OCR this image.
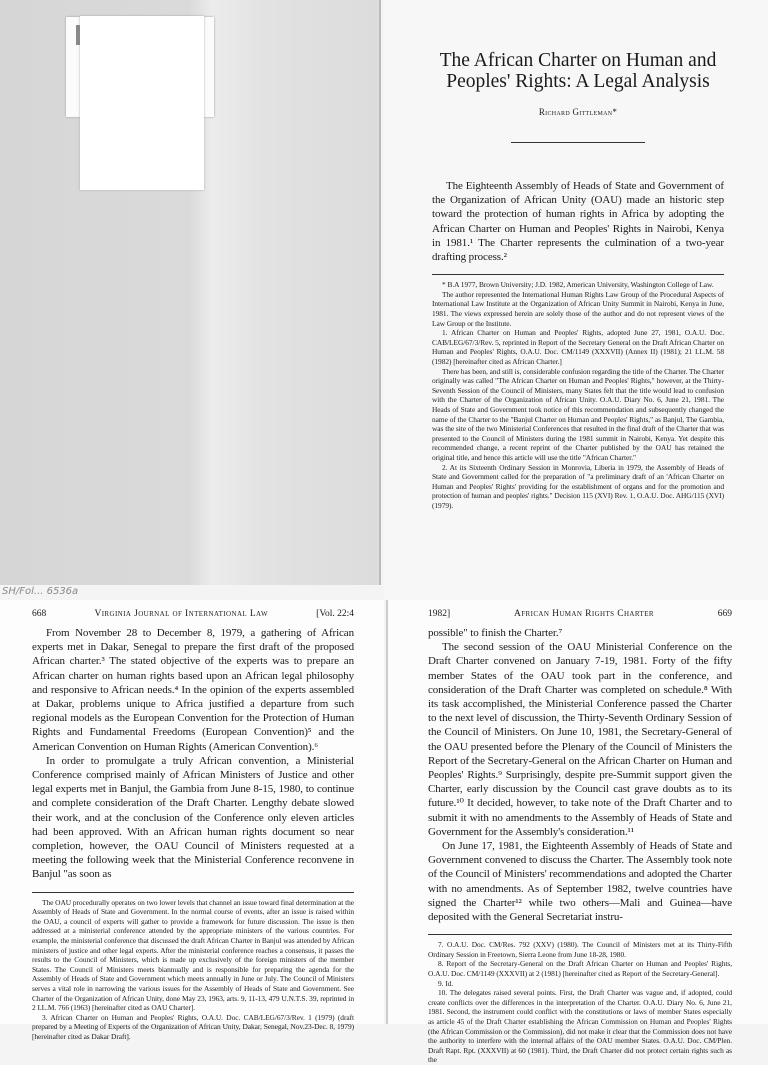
SH/Fol... 6536a
The African Charter on Human and Peoples' Rights: A Legal Analysis
Richard Gittleman*

The Eighteenth Assembly of Heads of State and Government of the Organization of African Unity (OAU) made an historic step toward the protection of human rights in Africa by adopting the African Charter on Human and Peoples' Rights in Nairobi, Kenya in 1981.¹ The Charter represents the culmination of a two-year drafting process.²

* B.A 1977, Brown University; J.D. 1982, American University, Washington College of Law.

The author represented the International Human Rights Law Group of the Procedural Aspects of International Law Institute at the Organization of African Unity Summit in Nairobi, Kenya in June, 1981. The views expressed herein are solely those of the author and do not represent views of the Law Group or the Institute.

1. African Charter on Human and Peoples' Rights, adopted June 27, 1981, O.A.U. Doc. CAB/LEG/67/3/Rev. 5, reprinted in Report of the Secretary General on the Draft African Charter on Human and Peoples' Rights, O.A.U. Doc. CM/1149 (XXXVII) (Annex II) (1981); 21 I.L.M. 58 (1982) [hereinafter cited as African Charter.]

There has been, and still is, considerable confusion regarding the title of the Charter. The Charter originally was called "The African Charter on Human and Peoples' Rights," however, at the Thirty-Seventh Session of the Council of Ministers, many States felt that the title would lead to confusion with the Charter of the Organization of African Unity. O.A.U. Diary No. 6, June 21, 1981. The Heads of State and Government took notice of this recommendation and subsequently changed the name of the Charter to the "Banjul Charter on Human and Peoples' Rights," as Banjul, The Gambia, was the site of the two Ministerial Conferences that resulted in the final draft of the Charter that was presented to the Council of Ministers during the 1981 summit in Nairobi, Kenya. Yet despite this recommended change, a recent reprint of the Charter published by the OAU has retained the original title, and hence this article will use the title "African Charter."

2. At its Sixteenth Ordinary Session in Monrovia, Liberia in 1979, the Assembly of Heads of State and Government called for the preparation of "a preliminary draft of an 'African Charter on Human and Peoples' Rights' providing for the establishment of organs and for the promotion and protection of human and peoples' rights." Decision 115 (XVI) Rev. 1, O.A.U. Doc. AHG/115 (XVI) (1979).

668	Virginia Journal of International Law	[Vol. 22:4

From November 28 to December 8, 1979, a gathering of African experts met in Dakar, Senegal to prepare the first draft of the proposed African charter.³ The stated objective of the experts was to prepare an African charter on human rights based upon an African legal philosophy and responsive to African needs.⁴ In the opinion of the experts assembled at Dakar, problems unique to Africa justified a departure from such regional models as the European Convention for the Protection of Human Rights and Fundamental Freedoms (European Convention)⁵ and the American Convention on Human Rights (American Convention).⁶

In order to promulgate a truly African convention, a Ministerial Conference comprised mainly of African Ministers of Justice and other legal experts met in Banjul, the Gambia from June 8-15, 1980, to continue and complete consideration of the Draft Charter. Lengthy debate slowed their work, and at the conclusion of the Conference only eleven articles had been approved. With an African human rights document so near completion, however, the OAU Council of Ministers requested at a meeting the following week that the Ministerial Conference reconvene in Banjul "as soon as

The OAU procedurally operates on two lower levels that channel an issue toward final determination at the Assembly of Heads of State and Government. In the normal course of events, after an issue is raised within the OAU, a council of experts will gather to provide a framework for future discussion. The issue is then addressed at a ministerial conference attended by the appropriate ministers of the various countries. For example, the ministerial conference that discussed the draft African Charter in Banjul was attended by African ministers of justice and other legal experts. After the ministerial conference reaches a consensus, it passes the results to the Council of Ministers, which is made up exclusively of the foreign ministers of the member States. The Council of Ministers meets biannually and is responsible for preparing the agenda for the Assembly of Heads of State and Government which meets annually in June or July. The Council of Ministers serves a vital role in narrowing the various issues for the Assembly of Heads of State and Government. See Charter of the Organization of African Unity, done May 23, 1963, arts. 9, 11-13, 479 U.N.T.S. 39, reprinted in 2 I.L.M. 766 (1963) [hereinafter cited as OAU Charter].

3. African Charter on Human and Peoples' Rights, O.A.U. Doc. CAB/LEG/67/3/Rev. 1 (1979) (draft prepared by a Meeting of Experts of the Organization of African Unity, Dakar, Senegal, Nov.23-Dec. 8, 1979) [hereinafter cited as Dakar Draft].

1982]	African Human Rights Charter	669

possible" to finish the Charter.⁷

The second session of the OAU Ministerial Conference on the Draft Charter convened on January 7-19, 1981. Forty of the fifty member States of the OAU took part in the conference, and consideration of the Draft Charter was completed on schedule.⁸ With its task accomplished, the Ministerial Conference passed the Charter to the next level of discussion, the Thirty-Seventh Ordinary Session of the Council of Ministers. On June 10, 1981, the Secretary-General of the OAU presented before the Plenary of the Council of Ministers the Report of the Secretary-General on the African Charter on Human and Peoples' Rights.⁹ Surprisingly, despite pre-Summit support given the Charter, early discussion by the Council cast grave doubts as to its future.¹⁰ It decided, however, to take note of the Draft Charter and to submit it with no amendments to the Assembly of Heads of State and Government for the Assembly's consideration.¹¹

On June 17, 1981, the Eighteenth Assembly of Heads of State and Government convened to discuss the Charter. The Assembly took note of the Council of Ministers' recommendations and adopted the Charter with no amendments. As of September 1982, twelve countries have signed the Charter¹² while two others—Mali and Guinea—have deposited with the General Secretariat instru-

7. O.A.U. Doc. CM/Res. 792 (XXV) (1980). The Council of Ministers met at its Thirty-Fifth Ordinary Session in Freetown, Sierra Leone from June 18-28, 1980.

8. Report of the Secretary-General on the Draft African Charter on Human and Peoples' Rights, O.A.U. Doc. CM/1149 (XXXVII) at 2 (1981) [hereinafter cited as Report of the Secretary-General].

9. Id.

10. The delegates raised several points. First, the Draft Charter was vague and, if adopted, could create conflicts over the differences in the interpretation of the Charter. O.A.U. Diary No. 6, June 21, 1981. Second, the instrument could conflict with the constitutions or laws of member States especially as article 45 of the Draft Charter establishing the African Commission on Human and Peoples' Rights (the African Commission or the Commission), did not make it clear that the Commission does not have the authority to interfere with the internal affairs of the OAU member States. O.A.U. Doc. CM/Plen. Draft Rapt. Rpt. (XXXVII) at 60 (1981). Third, the Draft Charter did not protect certain rights such as the
